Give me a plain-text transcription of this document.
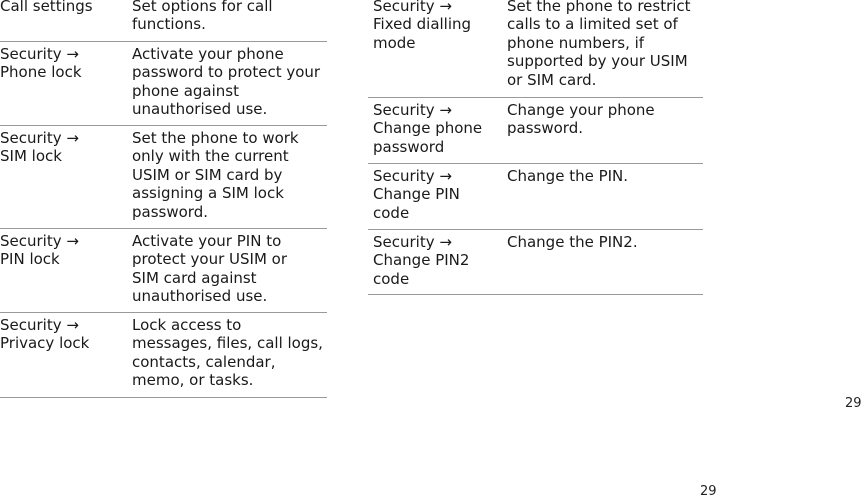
Call settings	Set options for call
functions.
Security →
Phone lock
Activate your phone
password to protect your
phone against
unauthorised use.
Security →
SIM lock
Set the phone to work
only with the current
USIM or SIM card by
assigning a SIM lock
password.
Security →
PIN lock
Activate your PIN to
protect your USIM or
SIM card against
unauthorised use.
Security →
Privacy lock
Lock access to
messages, files, call logs,
contacts, calendar,
memo, or tasks.
Security →
Fixed dialling
mode
Set the phone to restrict
calls to a limited set of
phone numbers, if
supported by your USIM
or SIM card.
Security →
Change phone
password
Change your phone
password.
Security →
Change PIN
code
Change the PIN.
Security →
Change PIN2
code
Change the PIN2.
29
29
